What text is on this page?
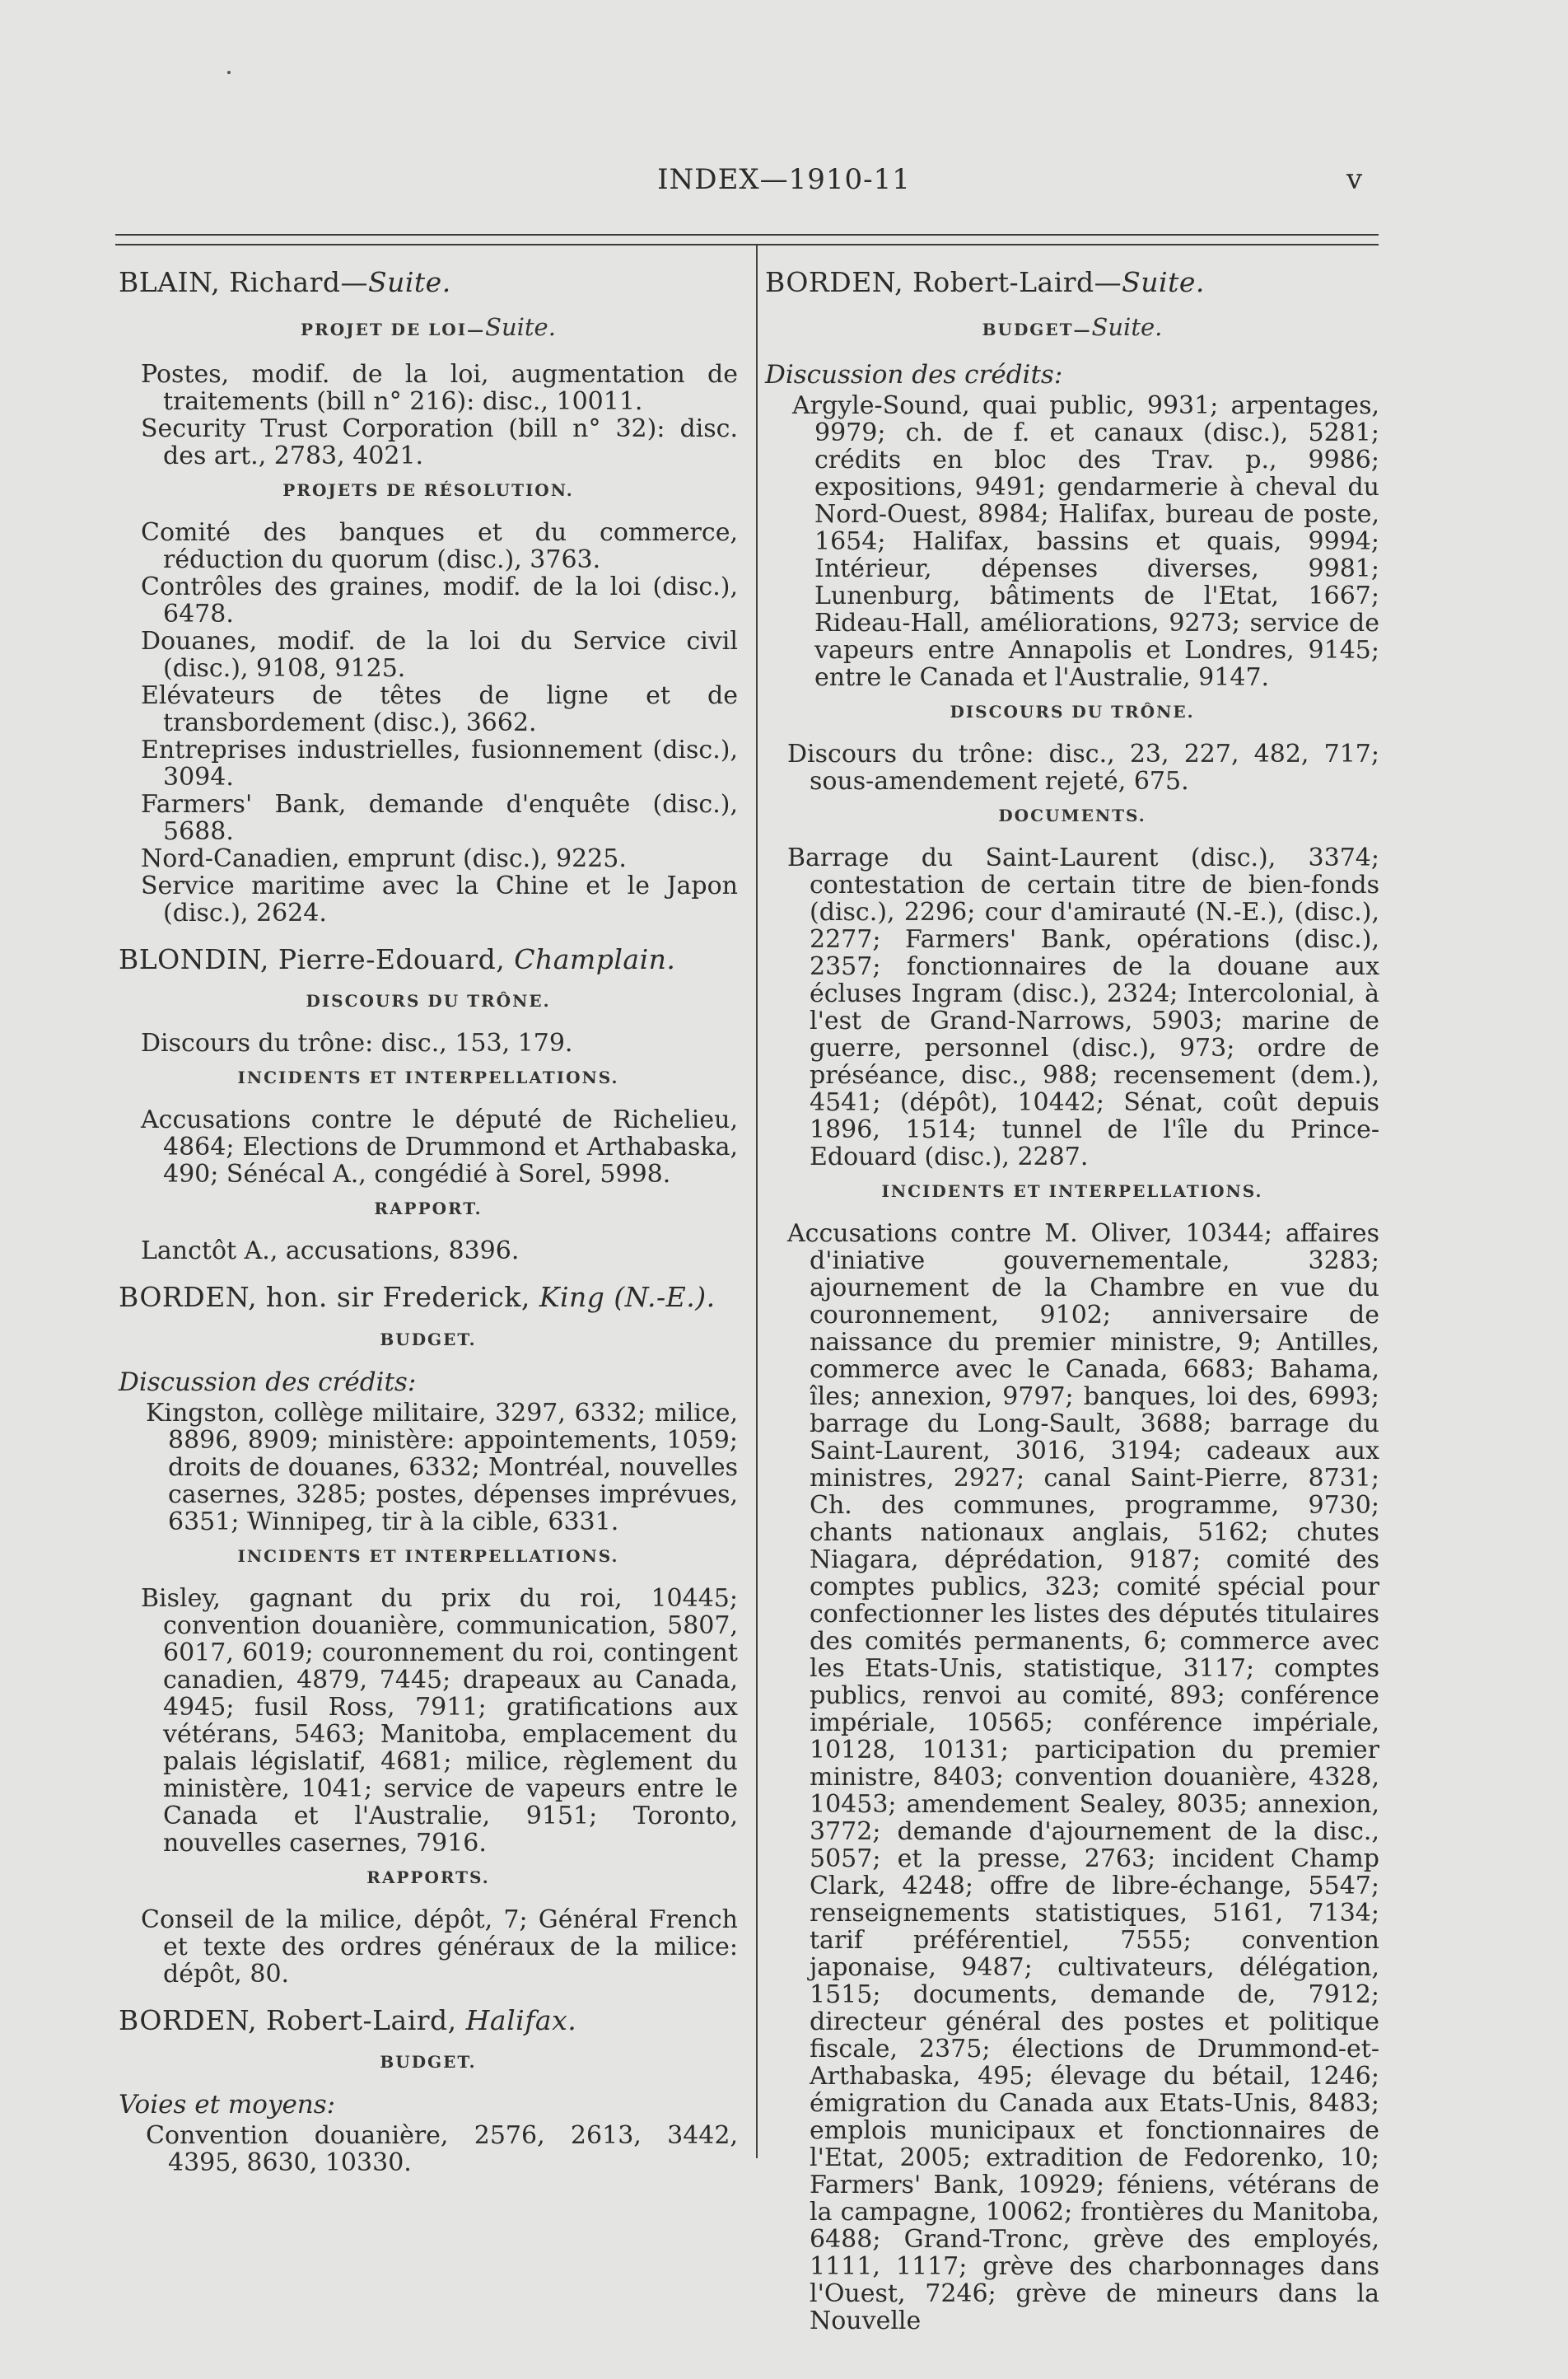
INDEX—1910-11	v
BLAIN, Richard—Suite.
PROJET DE LOI—Suite.

Postes, modif. de la loi, augmentation de traitements (bill n° 216): disc., 10011.

Security Trust Corporation (bill n° 32): disc. des art., 2783, 4021.

PROJETS DE RÉSOLUTION.

Comité des banques et du commerce, réduction du quorum (disc.), 3763.

Contrôles des graines, modif. de la loi (disc.), 6478.

Douanes, modif. de la loi du Service civil (disc.), 9108, 9125.

Elévateurs de têtes de ligne et de transbordement (disc.), 3662.

Entreprises industrielles, fusionnement (disc.), 3094.

Farmers' Bank, demande d'enquête (disc.), 5688.

Nord-Canadien, emprunt (disc.), 9225.

Service maritime avec la Chine et le Japon (disc.), 2624.

BLONDIN, Pierre-Edouard, Champlain.
DISCOURS DU TRÔNE.

Discours du trône: disc., 153, 179.

INCIDENTS ET INTERPELLATIONS.

Accusations contre le député de Richelieu, 4864; Elections de Drummond et Arthabaska, 490; Sénécal A., congédié à Sorel, 5998.

RAPPORT.

Lanctôt A., accusations, 8396.

BORDEN, hon. sir Frederick, King (N.-E.).
BUDGET.
Discussion des crédits:

Kingston, collège militaire, 3297, 6332; milice, 8896, 8909; ministère: appointements, 1059; droits de douanes, 6332; Montréal, nouvelles casernes, 3285; postes, dépenses imprévues, 6351; Winnipeg, tir à la cible, 6331.

INCIDENTS ET INTERPELLATIONS.

Bisley, gagnant du prix du roi, 10445; convention douanière, communication, 5807, 6017, 6019; couronnement du roi, contingent canadien, 4879, 7445; drapeaux au Canada, 4945; fusil Ross, 7911; gratifications aux vétérans, 5463; Manitoba, emplacement du palais législatif, 4681; milice, règlement du ministère, 1041; service de vapeurs entre le Canada et l'Australie, 9151; Toronto, nouvelles casernes, 7916.

RAPPORTS.

Conseil de la milice, dépôt, 7; Général French et texte des ordres généraux de la milice: dépôt, 80.

BORDEN, Robert-Laird, Halifax.
BUDGET.
Voies et moyens:

Convention douanière, 2576, 2613, 3442, 4395, 8630, 10330.

BORDEN, Robert-Laird—Suite.
BUDGET—Suite.
Discussion des crédits:

Argyle-Sound, quai public, 9931; arpentages, 9979; ch. de f. et canaux (disc.), 5281; crédits en bloc des Trav. p., 9986; expositions, 9491; gendarmerie à cheval du Nord-Ouest, 8984; Halifax, bureau de poste, 1654; Halifax, bassins et quais, 9994; Intérieur, dépenses diverses, 9981; Lunenburg, bâtiments de l'Etat, 1667; Rideau-Hall, améliorations, 9273; service de vapeurs entre Annapolis et Londres, 9145; entre le Canada et l'Australie, 9147.

DISCOURS DU TRÔNE.

Discours du trône: disc., 23, 227, 482, 717; sous-amendement rejeté, 675.

DOCUMENTS.

Barrage du Saint-Laurent (disc.), 3374; contestation de certain titre de bien-fonds (disc.), 2296; cour d'amirauté (N.-E.), (disc.), 2277; Farmers' Bank, opérations (disc.), 2357; fonctionnaires de la douane aux écluses Ingram (disc.), 2324; Intercolonial, à l'est de Grand-Narrows, 5903; marine de guerre, personnel (disc.), 973; ordre de préséance, disc., 988; recensement (dem.), 4541; (dépôt), 10442; Sénat, coût depuis 1896, 1514; tunnel de l'île du Prince-Edouard (disc.), 2287.

INCIDENTS ET INTERPELLATIONS.

Accusations contre M. Oliver, 10344; affaires d'iniative gouvernementale, 3283; ajournement de la Chambre en vue du couronnement, 9102; anniversaire de naissance du premier ministre, 9; Antilles, commerce avec le Canada, 6683; Bahama, îles; annexion, 9797; banques, loi des, 6993; barrage du Long-Sault, 3688; barrage du Saint-Laurent, 3016, 3194; cadeaux aux ministres, 2927; canal Saint-Pierre, 8731; Ch. des communes, programme, 9730; chants nationaux anglais, 5162; chutes Niagara, déprédation, 9187; comité des comptes publics, 323; comité spécial pour confectionner les listes des députés titulaires des comités permanents, 6; commerce avec les Etats-Unis, statistique, 3117; comptes publics, renvoi au comité, 893; conférence impériale, 10565; conférence impériale, 10128, 10131; participation du premier ministre, 8403; convention douanière, 4328, 10453; amendement Sealey, 8035; annexion, 3772; demande d'ajournement de la disc., 5057; et la presse, 2763; incident Champ Clark, 4248; offre de libre-échange, 5547; renseignements statistiques, 5161, 7134; tarif préférentiel, 7555; convention japonaise, 9487; cultivateurs, délégation, 1515; documents, demande de, 7912; directeur général des postes et politique fiscale, 2375; élections de Drummond-et-Arthabaska, 495; élevage du bétail, 1246; émigration du Canada aux Etats-Unis, 8483; emplois municipaux et fonctionnaires de l'Etat, 2005; extradition de Fedorenko, 10; Farmers' Bank, 10929; féniens, vétérans de la campagne, 10062; frontières du Manitoba, 6488; Grand-Tronc, grève des employés, 1111, 1117; grève des charbonnages dans l'Ouest, 7246; grève de mineurs dans la Nouvelle
